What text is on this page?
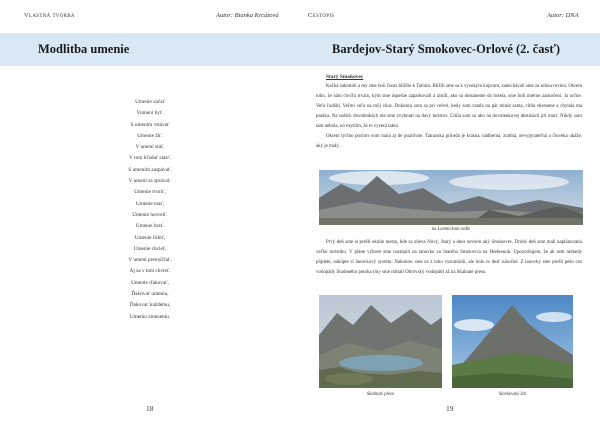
Vlastná tvorba	Autor: Bianka Krcútová
Modlitba umenie
Umenie začať
Vumení byť.
S umením vstávať
Umenie žiť.
V umení stáť,
V tom hľadať slasť.
S umením zaspávať,
V umení sa správať.
Umenie tvoriť,
Umenie mať,
Umenie hovoriť.
Umenie hrať.
Umenie ľúbiť,
Umenie chcieť,
V umení premýšľať,
Aj sa v tom chvieť.
Umenie ďakovať,
Ďakovať umeniu,
Ďakovať každému,
Umeniu zmeneniu.
18
Cestopis	Autor: DNA
Bardejov-Starý Smokovec-Orlové (2. časť)
Starý Smokovec
Koľká sakratúli a my sme boli čoraz bližšie k Tatrám. Blížili sme sa k vysokým kopcom, zanechávali sme za sebou rovinu. Okrem toho, že nám chvíľu trvalo, kým sme úspešne zaparkovali a zistili, ako sa dostaneme do hotela, sme boli mierne zaskočení. Ja určite. Veľa ľudiští. Veľmi veľa na môj vkus. Dokonca som sa pri večeri, kedy som ostala na pár minút sama, cítila stiesnene a chytala ma panika. Na našich dovolenkách nie sme zvyknutí na davy turistov. Cítila som sa ako na dovolenkovej destinácii pri mori. Nikdy som tam nebola, no myslím, že to vyzerá takto.
Okrem týchto pocitov som mala aj tie pozitívne. Tatranská príroda je krásna, nádherná, zradná, nevypytateľná a človeka ukáže, aký je malý.
na Lomnickom sedle
Prvý deň sme si prešli okolie mesta, kde sa zlieva Nový, Starý a dnes neviem aký Smokovec. Druhý deň sme mali naplánovanú veľkú turistiku. V pláne výbave sme nastúpili na lanovku zo Starého Smokovca na Hrebienok. Upozorňujem, že ak sem niekedy pôjdete, nakúpte si lanovkový systém. Nakoniec sme sa z toho vysomárili, ale bolo to desť náročné. Z lanovky sme prešli pešo cez vodopády Studeného potoka (my sme mittali Obrovský vodopád) až na Skalnaté pleso.
Skalnaté pleso	Slavkovský štít
19
